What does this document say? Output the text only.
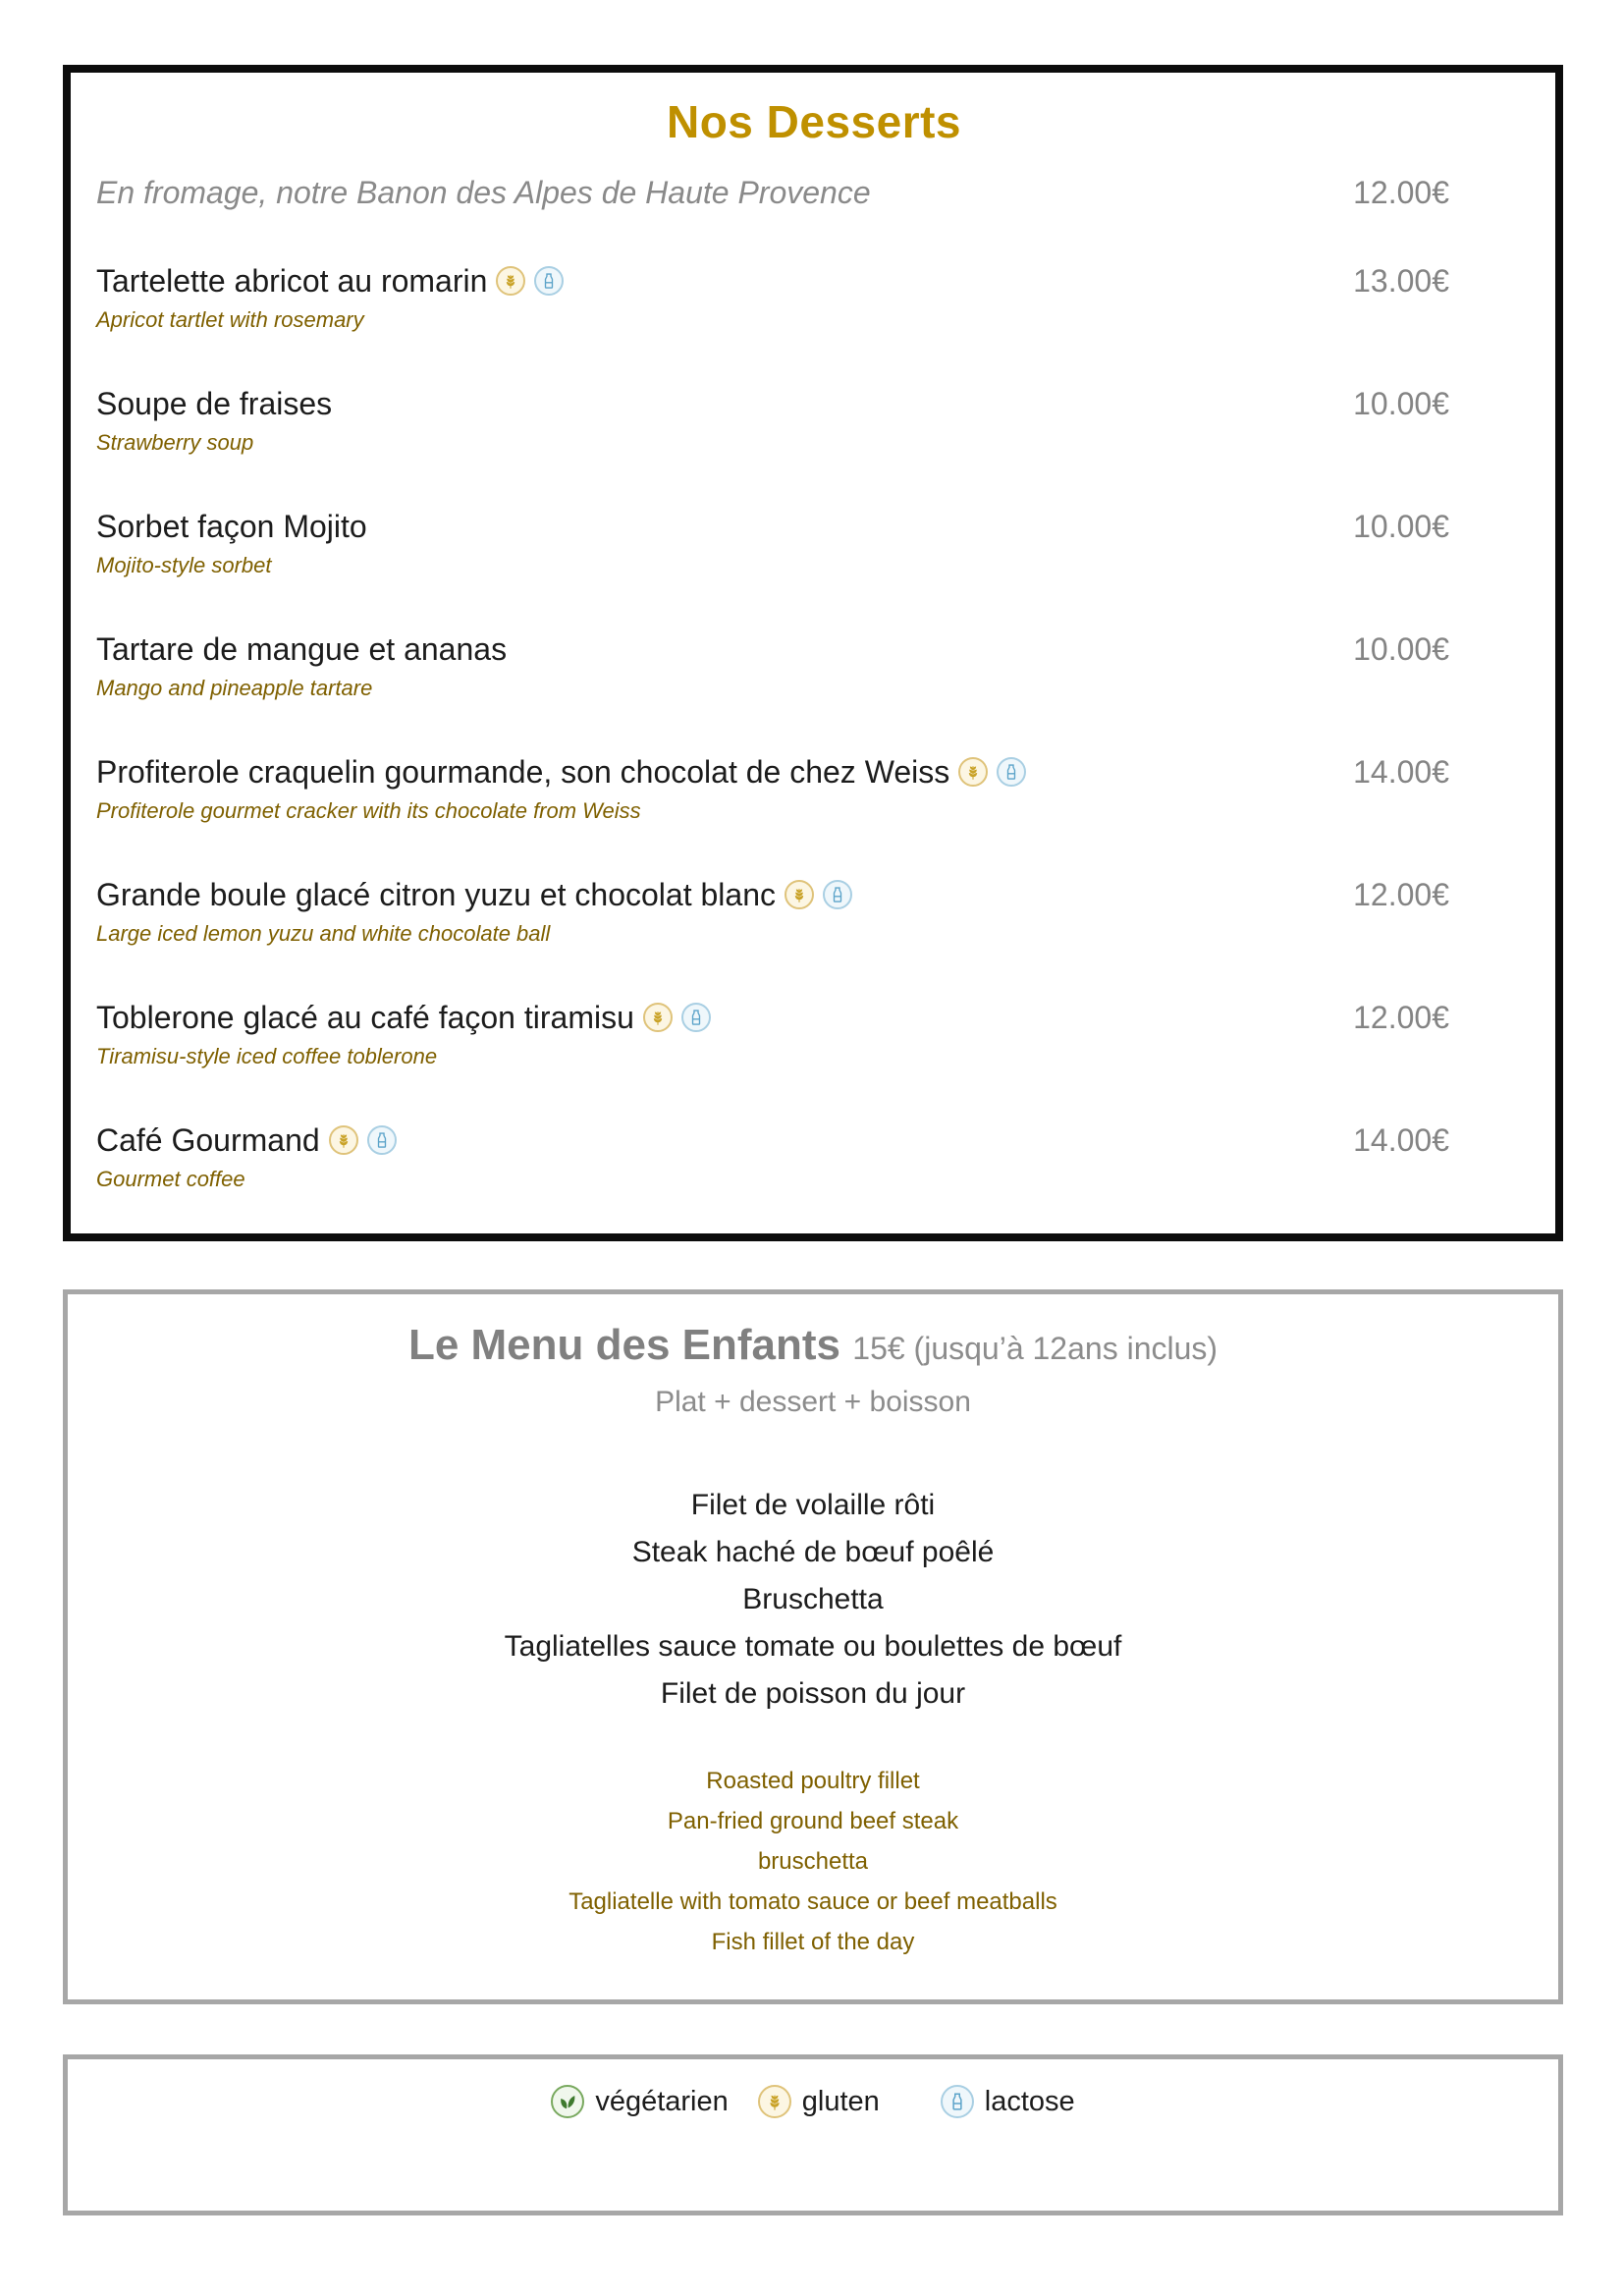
Nos Desserts
En fromage, notre Banon des Alpes de Haute Provence	12.00€
Tartelette abricot au romarin	13.00€
Apricot tartlet with rosemary
Soupe de fraises	10.00€
Strawberry soup
Sorbet façon Mojito	10.00€
Mojito-style sorbet
Tartare de mangue et ananas	10.00€
Mango and pineapple tartare
Profiterole craquelin gourmande, son chocolat de chez Weiss	14.00€
Profiterole gourmet cracker with its chocolate from Weiss
Grande boule glacé citron yuzu et chocolat blanc	12.00€
Large iced lemon yuzu and white chocolate ball
Toblerone glacé au café façon tiramisu	12.00€
Tiramisu-style iced coffee toblerone
Café Gourmand	14.00€
Gourmet coffee
Le Menu des Enfants 15€ (jusqu’à 12ans inclus)
Plat + dessert + boisson
Filet de volaille rôti
Steak haché de bœuf poêlé
Bruschetta
Tagliatelles sauce tomate ou boulettes de bœuf
Filet de poisson du jour
Roasted poultry fillet
Pan-fried ground beef steak
bruschetta
Tagliatelle with tomato sauce or beef meatballs
Fish fillet of the day
végétarien	gluten	lactose
